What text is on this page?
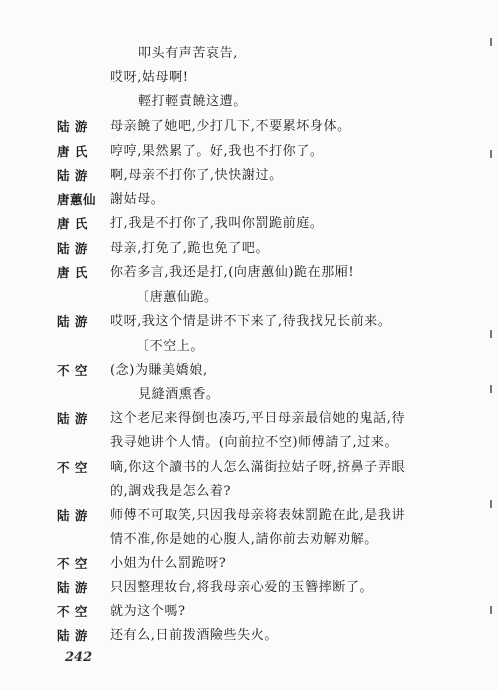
叩头有声苦哀告,
哎呀,姑母啊!
輕打輕責饒这遭。
陆 游	母亲饒了她吧,少打几下,不要累坏身体。
唐 氏	哼哼,果然累了。好,我也不打你了。
陆 游	啊,母亲不打你了,快快謝过。
唐蕙仙	謝姑母。
唐 氏	打,我是不打你了,我叫你罰跪前庭。
陆 游	母亲,打免了,跪也免了吧。
唐 氏	你若多言,我还是打,(向唐蕙仙)跪在那厢!
〔唐蕙仙跪。
陆 游	哎呀,我这个情是讲不下来了,待我找兄长前来。
〔不空上。
不 空	(念)为賺美嬌娘,
見縫酒熏香。
陆 游	这个老尼来得倒也凑巧,平日母亲最信她的鬼話,待
我寻她讲个人情。(向前拉不空)师傅請了,过来。
不 空	嘀,你这个讀书的人怎么滿街拉姑子呀,挤鼻子弄眼
的,調戏我是怎么着?
陆 游	师傅不可取笑,只因我母亲将表妹罰跪在此,是我讲
情不准,你是她的心腹人,請你前去劝解劝解。
不 空	小姐为什么罰跪呀?
陆 游	只因整理妆台,将我母亲心爱的玉簪摔断了。
不 空	就为这个嗎?
陆 游	还有么,日前拨酒險些失火。
242
